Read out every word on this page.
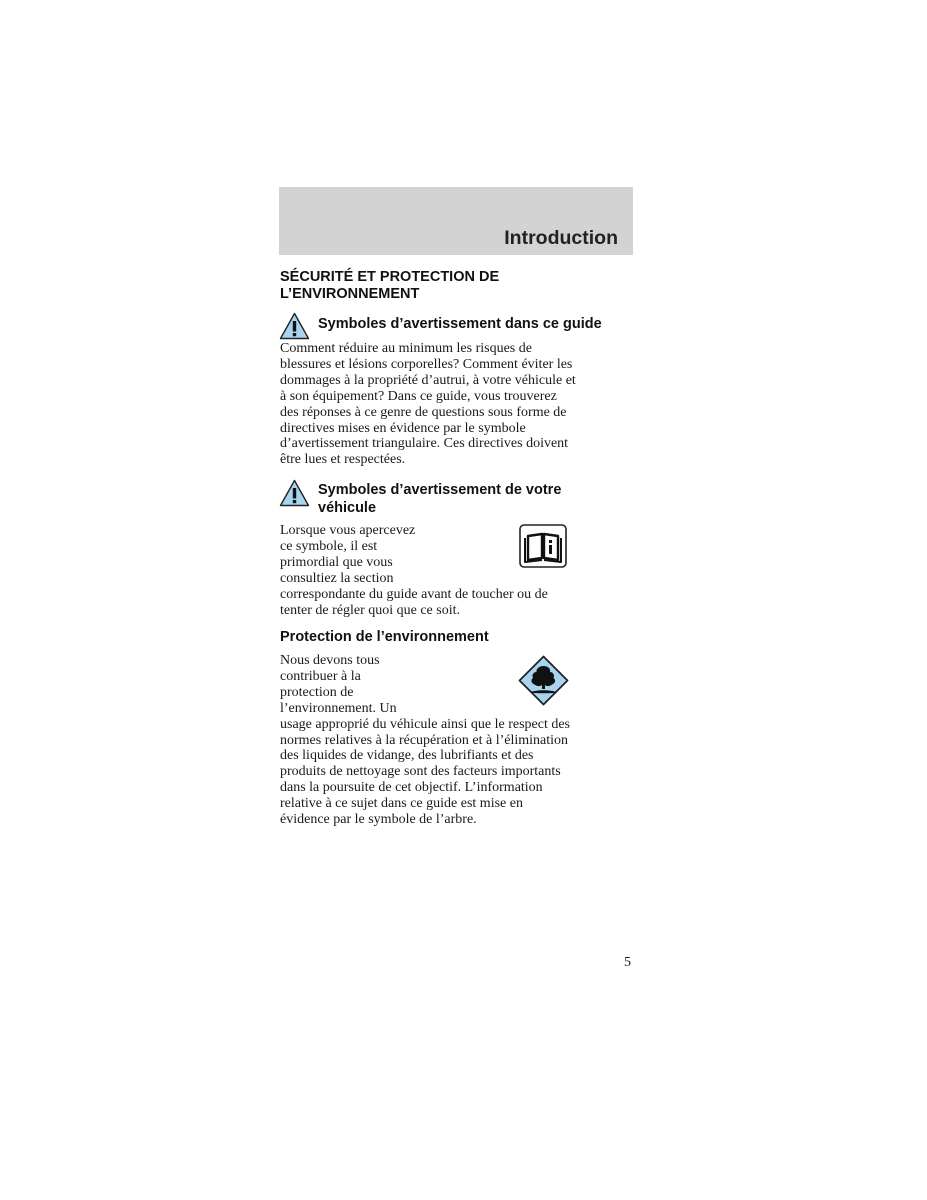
Introduction
SÉCURITÉ ET PROTECTION DE
L’ENVIRONNEMENT
Symboles d’avertissement dans ce guide
Comment réduire au minimum les risques de
blessures et lésions corporelles? Comment éviter les
dommages à la propriété d’autrui, à votre véhicule et
à son équipement? Dans ce guide, vous trouverez
des réponses à ce genre de questions sous forme de
directives mises en évidence par le symbole
d’avertissement triangulaire. Ces directives doivent
être lues et respectées.
Symboles d’avertissement de votre
véhicule
Lorsque vous apercevez
ce symbole, il est
primordial que vous
consultiez la section
correspondante du guide avant de toucher ou de
tenter de régler quoi que ce soit.
Protection de l’environnement
Nous devons tous
contribuer à la
protection de
l’environnement. Un
usage approprié du véhicule ainsi que le respect des
normes relatives à la récupération et à l’élimination
des liquides de vidange, des lubrifiants et des
produits de nettoyage sont des facteurs importants
dans la poursuite de cet objectif. L’information
relative à ce sujet dans ce guide est mise en
évidence par le symbole de l’arbre.
5
